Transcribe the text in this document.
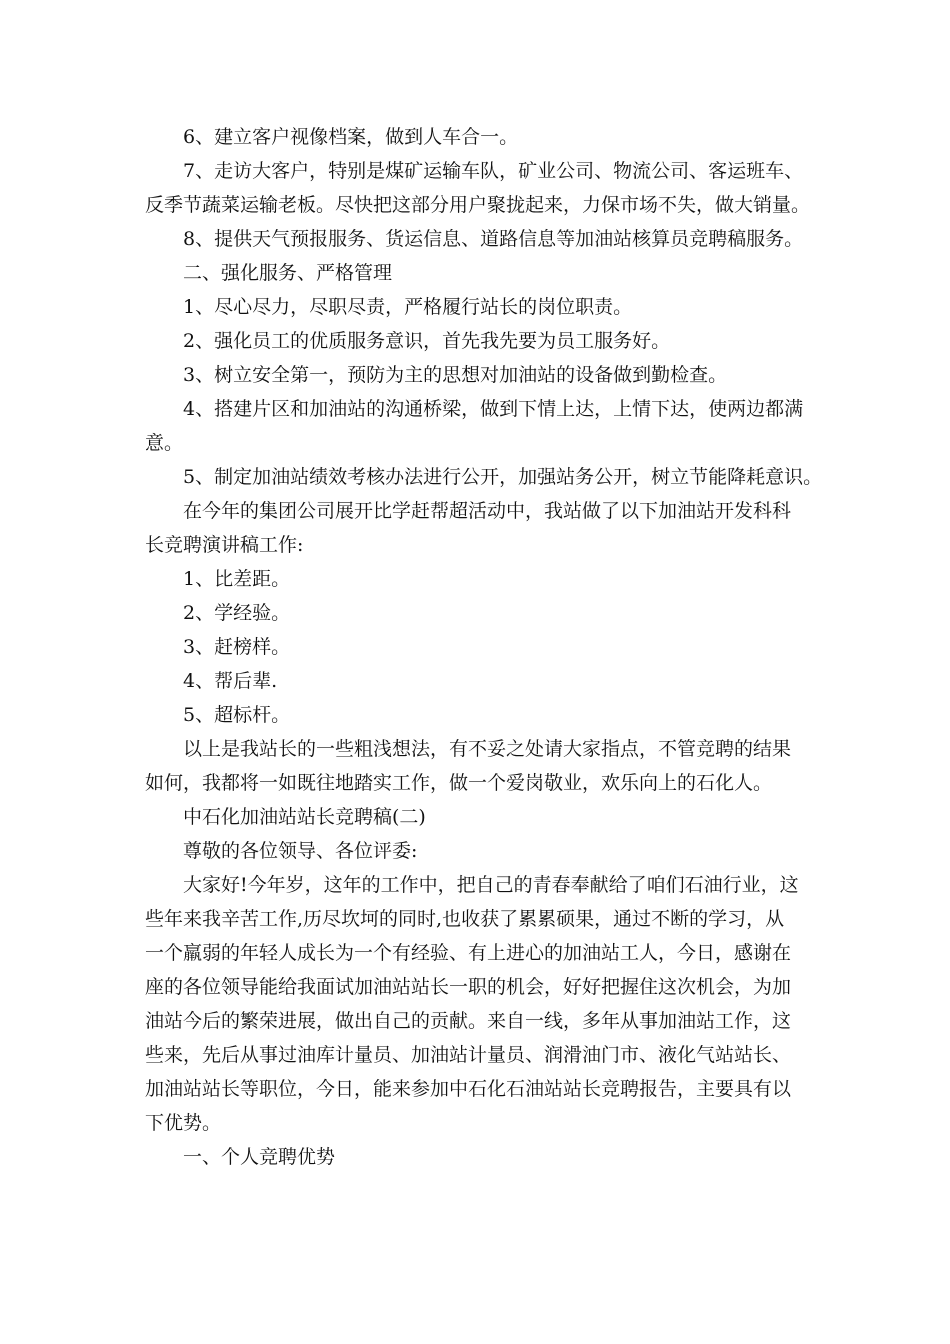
6、建立客户视像档案，做到人车合一。

7、走访大客户，特别是煤矿运输车队，矿业公司、物流公司、客运班车、

反季节蔬菜运输老板。尽快把这部分用户聚拢起来，力保市场不失，做大销量。

8、提供天气预报服务、货运信息、道路信息等加油站核算员竞聘稿服务。

二、强化服务、严格管理

1、尽心尽力，尽职尽责，严格履行站长的岗位职责。

2、强化员工的优质服务意识，首先我先要为员工服务好。

3、树立安全第一，预防为主的思想对加油站的设备做到勤检查。

4、搭建片区和加油站的沟通桥梁，做到下情上达，上情下达，使两边都满

意。

5、制定加油站绩效考核办法进行公开，加强站务公开，树立节能降耗意识。

在今年的集团公司展开比学赶帮超活动中，我站做了以下加油站开发科科

长竞聘演讲稿工作:

1、比差距。

2、学经验。

3、赶榜样。

4、帮后辈.

5、超标杆。

以上是我站长的一些粗浅想法，有不妥之处请大家指点，不管竞聘的结果

如何，我都将一如既往地踏实工作，做一个爱岗敬业，欢乐向上的石化人。

中石化加油站站长竞聘稿(二)

尊敬的各位领导、各位评委:

大家好!今年岁，这年的工作中，把自己的青春奉献给了咱们石油行业，这

些年来我辛苦工作,历尽坎坷的同时,也收获了累累硕果，通过不断的学习，从

一个羸弱的年轻人成长为一个有经验、有上进心的加油站工人，今日，感谢在

座的各位领导能给我面试加油站站长一职的机会，好好把握住这次机会，为加

油站今后的繁荣进展，做出自己的贡献。来自一线，多年从事加油站工作，这

些来，先后从事过油库计量员、加油站计量员、润滑油门市、液化气站站长、

加油站站长等职位，今日，能来参加中石化石油站站长竞聘报告，主要具有以

下优势。

一、个人竞聘优势
